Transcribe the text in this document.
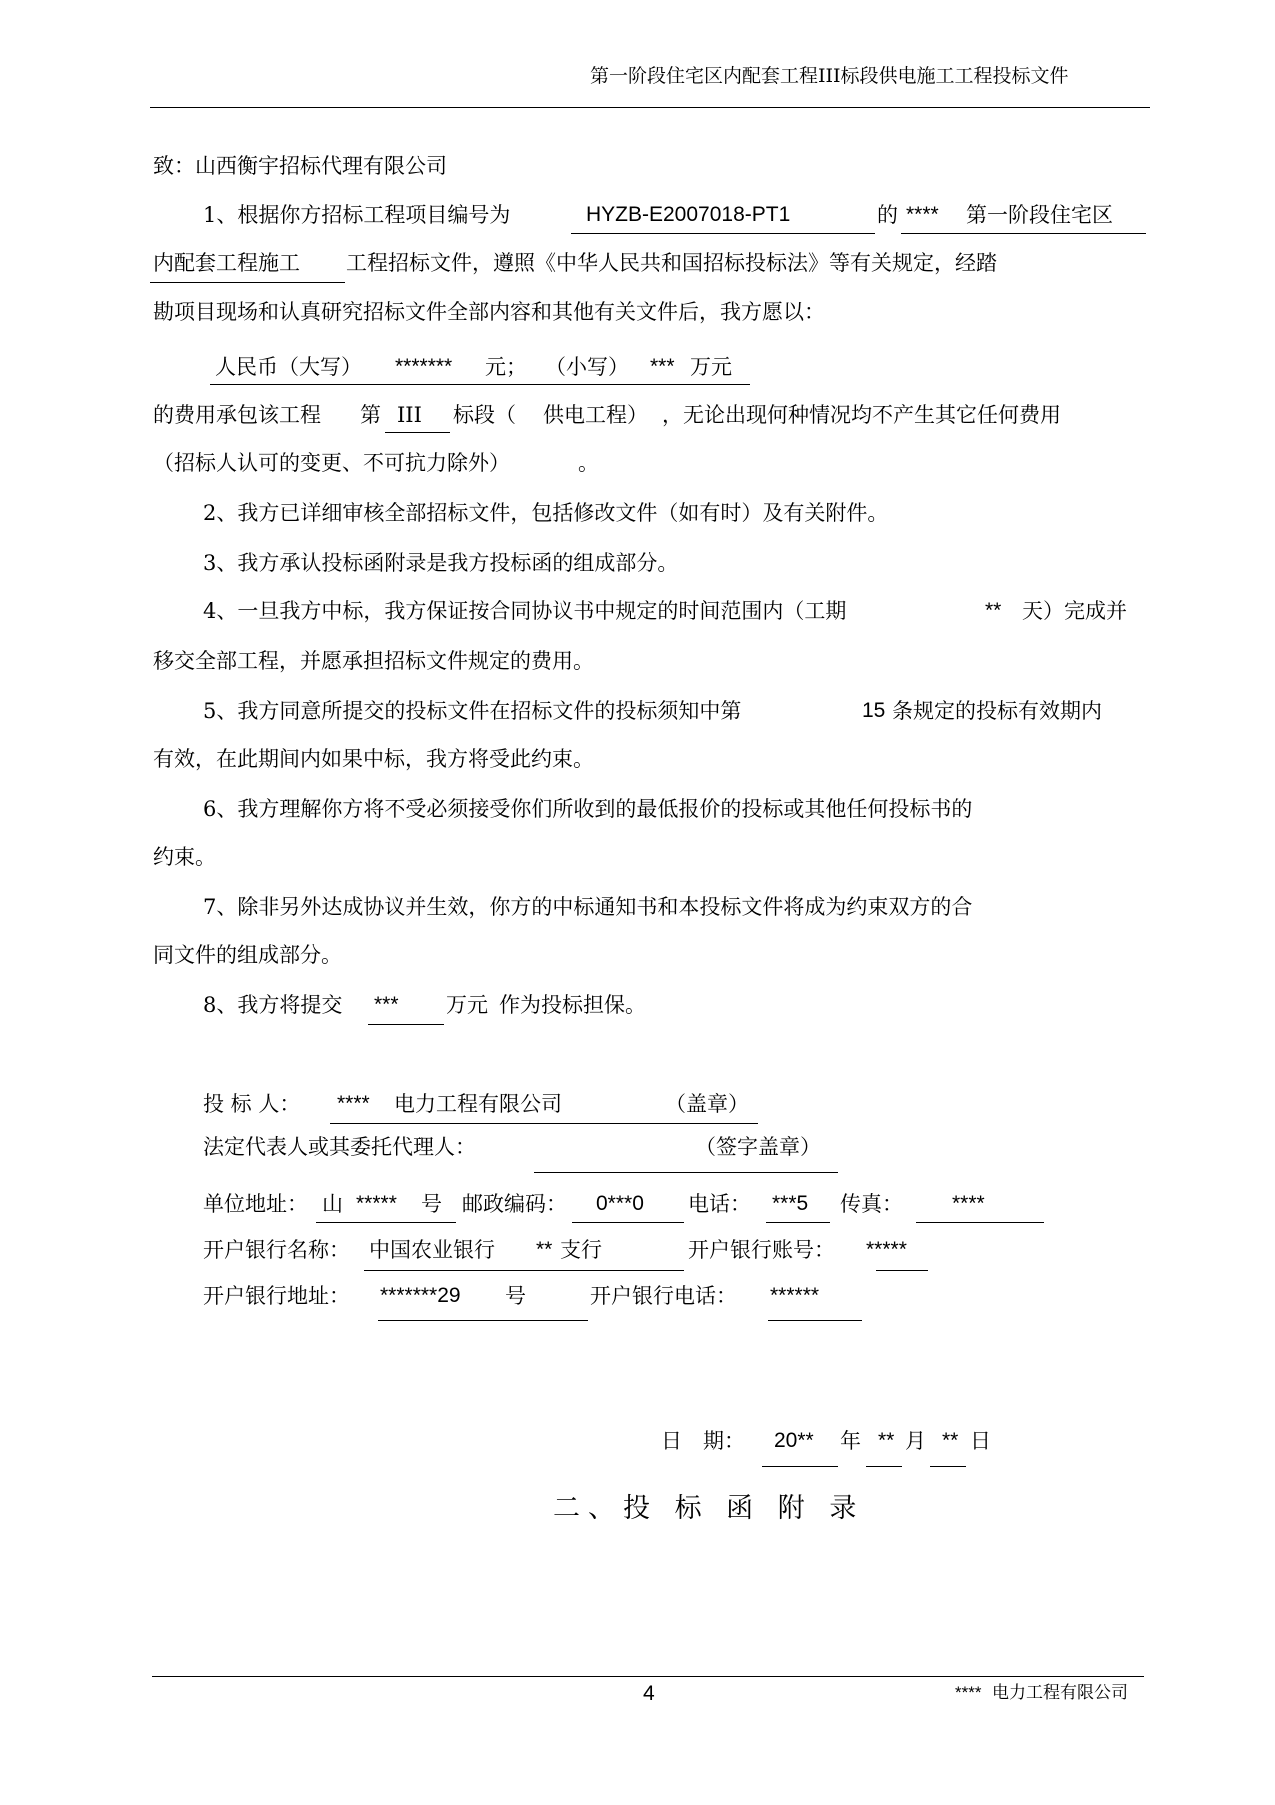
第一阶段住宅区内配套工程III标段供电施工工程投标文件
致：山西衡宇招标代理有限公司
1、根据你方招标工程项目编号为	HYZB-E2007018-PT1	的 **** 第一阶段住宅区
内配套工程施工 工程招标文件，遵照《中华人民共和国招标投标法》等有关规定，经踏
勘项目现场和认真研究招标文件全部内容和其他有关文件后，我方愿以：
人民币（大写） ******* 元； （小写） *** 万元
的费用承包该工程 第 III 标段（ 供电工程） ，无论出现何种情况均不产生其它任何费用
（招标人认可的变更、不可抗力除外）	。
2、我方已详细审核全部招标文件，包括修改文件（如有时）及有关附件。
3、我方承认投标函附录是我方投标函的组成部分。
4、一旦我方中标，我方保证按合同协议书中规定的时间范围内（工期	** 天）完成并
移交全部工程，并愿承担招标文件规定的费用。
5、我方同意所提交的投标文件在招标文件的投标须知中第	15 条规定的投标有效期内
有效，在此期间内如果中标，我方将受此约束。
6、我方理解你方将不受必须接受你们所收到的最低报价的投标或其他任何投标书的
约束。
7、除非另外达成协议并生效，你方的中标通知书和本投标文件将成为约束双方的合
同文件的组成部分。
8、我方将提交 *** 万元 作为投标担保。
投 标 人： **** 电力工程有限公司	（盖章）
法定代表人或其委托代理人：	（签字盖章）
单位地址： 山 ***** 号 邮政编码： 0***0 电话： ***5 传真： ****
开户银行名称： 中国农业银行 ** 支行	开户银行账号： *****
开户银行地址： *******29 号	开户银行电话： ******
日　期： 20** 年 ** 月 ** 日
二、投 标 函 附 录
4	**** 电力工程有限公司
